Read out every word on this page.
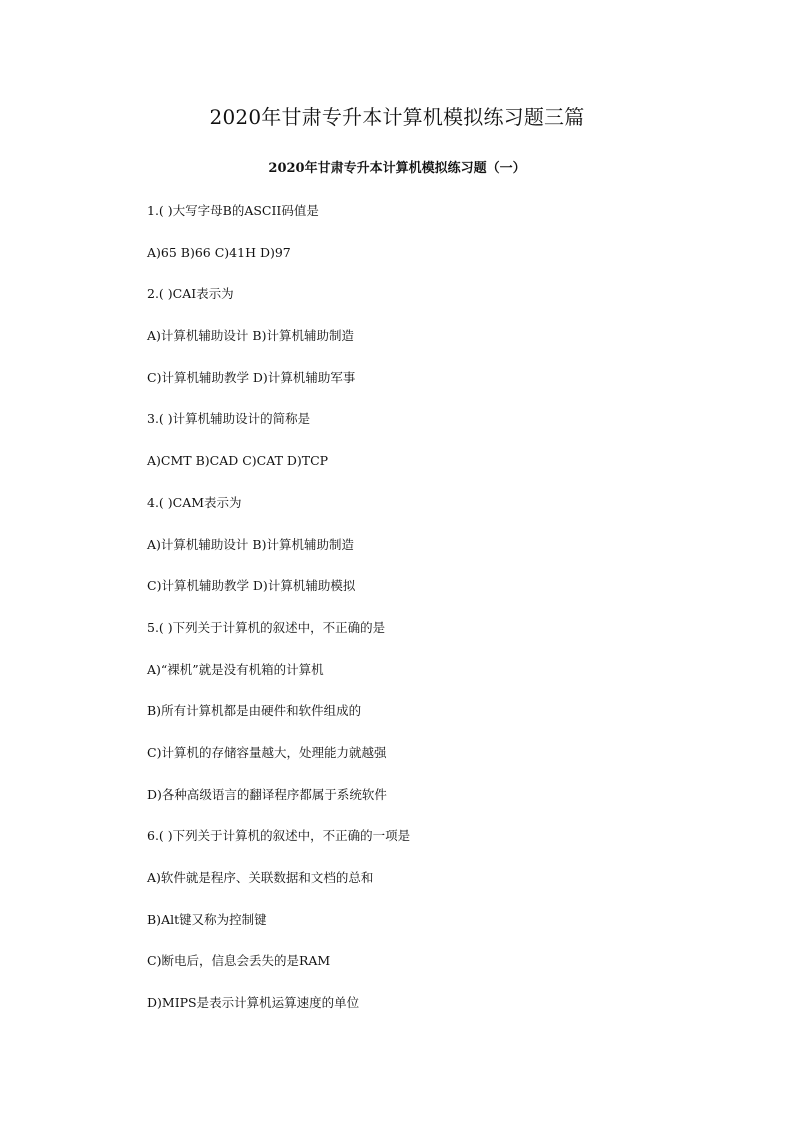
2020年甘肃专升本计算机模拟练习题三篇
2020年甘肃专升本计算机模拟练习题（一）
1.( )大写字母B的ASCII码值是
A)65 B)66 C)41H D)97
2.( )CAI表示为
A)计算机辅助设计 B)计算机辅助制造
C)计算机辅助教学 D)计算机辅助军事
3.( )计算机辅助设计的简称是
A)CMT B)CAD C)CAT D)TCP
4.( )CAM表示为
A)计算机辅助设计 B)计算机辅助制造
C)计算机辅助教学 D)计算机辅助模拟
5.( )下列关于计算机的叙述中，不正确的是
A)“裸机”就是没有机箱的计算机
B)所有计算机都是由硬件和软件组成的
C)计算机的存储容量越大，处理能力就越强
D)各种高级语言的翻译程序都属于系统软件
6.( )下列关于计算机的叙述中，不正确的一项是
A)软件就是程序、关联数据和文档的总和
B)Alt键又称为控制键
C)断电后，信息会丢失的是RAM
D)MIPS是表示计算机运算速度的单位
